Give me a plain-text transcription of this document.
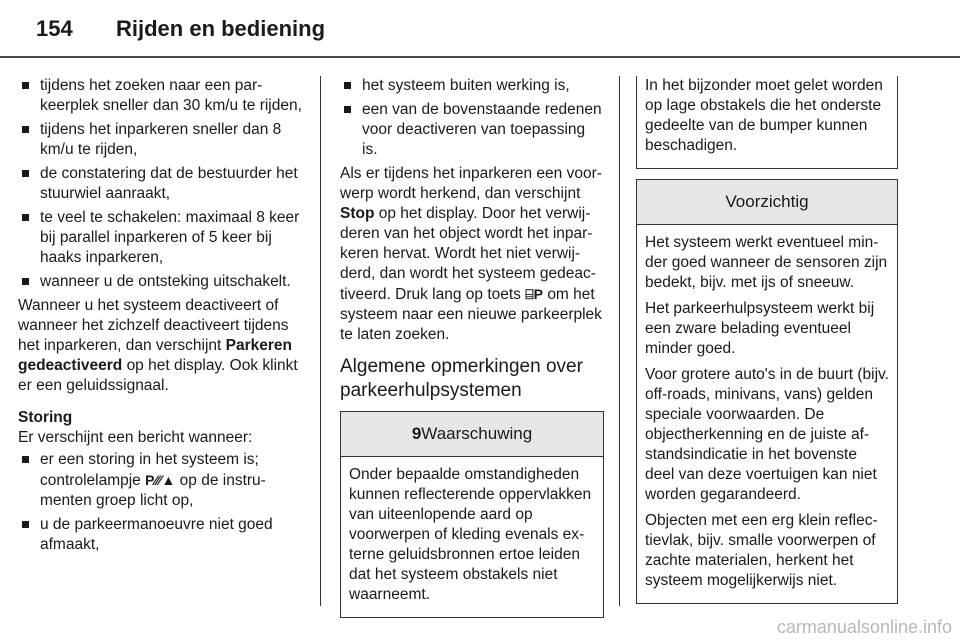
154 Rijden en bediening
tijdens het zoeken naar een parkeerplek sneller dan 30 km/u te rijden,
tijdens het inparkeren sneller dan 8 km/u te rijden,
de constatering dat de bestuurder het stuurwiel aanraakt,
te veel te schakelen: maximaal 8 keer bij parallel inparkeren of 5 keer bij haaks inparkeren,
wanneer u de ontsteking uitschakelt.

Wanneer u het systeem deactiveert of wanneer het zichzelf deactiveert tijdens het inparkeren, dan verschijnt Parkeren gedeactiveerd op het display. Ook klinkt er een geluidssignaal.

Storing

Er verschijnt een bericht wanneer:

er een storing in het systeem is; controlelampje P⁄⁄⁄▲ op de instrumenten groep licht op,
u de parkeermanoeuvre niet goed afmaakt,
het systeem buiten werking is,
een van de bovenstaande redenen voor deactiveren van toepassing is.

Als er tijdens het inparkeren een voorwerp wordt herkend, dan verschijnt Stop op het display. Door het verwijderen van het object wordt het inparkeren hervat. Wordt het niet verwijderd, dan wordt het systeem gedeactiveerd. Druk lang op toets ⌸P om het systeem naar een nieuwe parkeerplek te laten zoeken.

Algemene opmerkingen over parkeerhulpsystemen
9Waarschuwing

Onder bepaalde omstandigheden kunnen reflecterende oppervlakken van uiteenlopende aard op voorwerpen of kleding evenals externe geluidsbronnen ertoe leiden dat het systeem obstakels niet waarneemt.

In het bijzonder moet gelet worden op lage obstakels die het onderste gedeelte van de bumper kunnen beschadigen.

Voorzichtig

Het systeem werkt eventueel minder goed wanneer de sensoren zijn bedekt, bijv. met ijs of sneeuw.

Het parkeerhulpsysteem werkt bij een zware belading eventueel minder goed.

Voor grotere auto's in de buurt (bijv. off-roads, minivans, vans) gelden speciale voorwaarden. De objectherkenning en de juiste afstandsindicatie in het bovenste deel van deze voertuigen kan niet worden gegarandeerd.

Objecten met een erg klein reflectievlak, bijv. smalle voorwerpen of zachte materialen, herkent het systeem mogelijkerwijs niet.

carmanualsonline.info
